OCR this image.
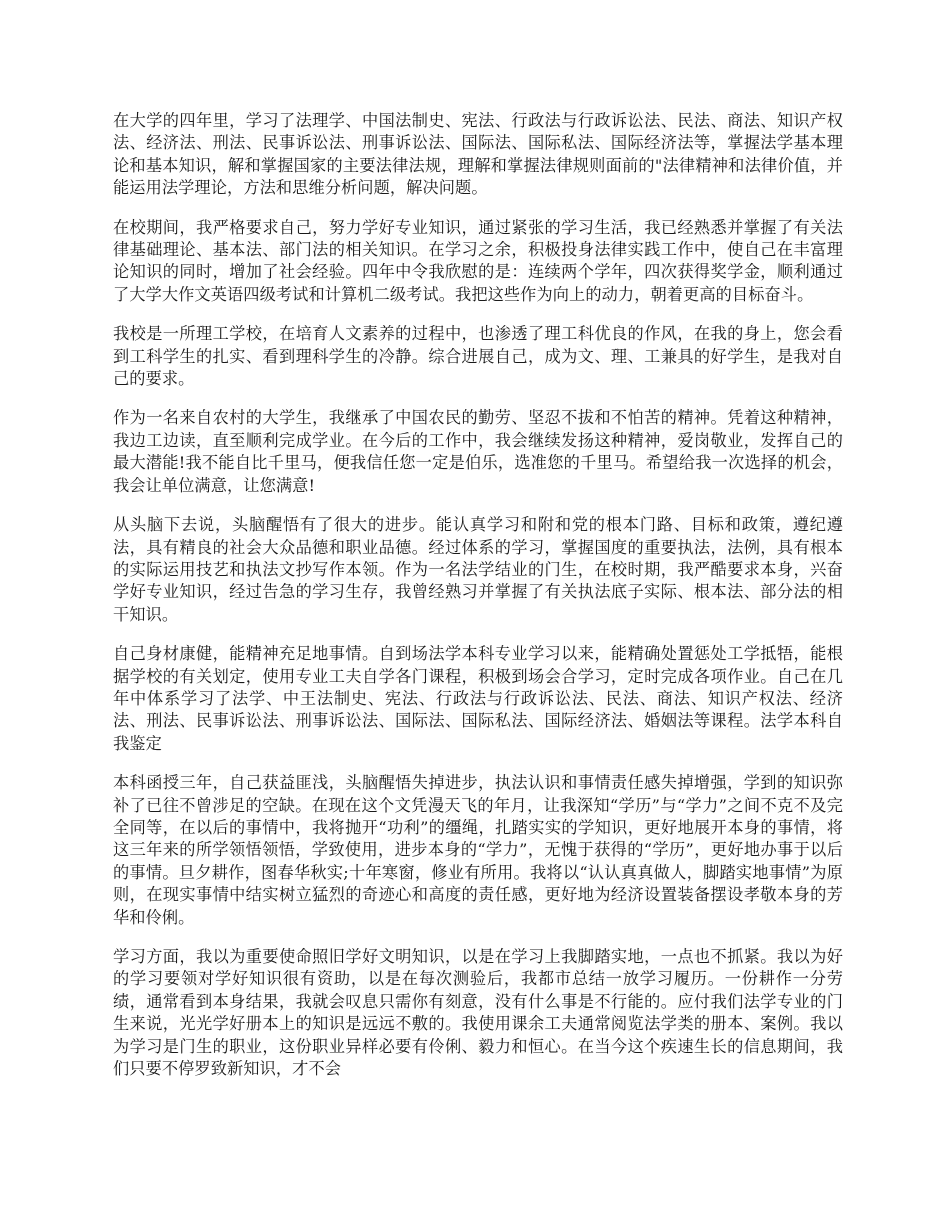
在大学的四年里，学习了法理学、中国法制史、宪法、行政法与行政诉讼法、民法、商法、知识产权法、经济法、刑法、民事诉讼法、刑事诉讼法、国际法、国际私法、国际经济法等，掌握法学基本理论和基本知识，解和掌握国家的主要法律法规，理解和掌握法律规则面前的"法律精神和法律价值，并能运用法学理论，方法和思维分析问题，解决问题。

在校期间，我严格要求自己，努力学好专业知识，通过紧张的学习生活，我已经熟悉并掌握了有关法律基础理论、基本法、部门法的相关知识。在学习之余，积极投身法律实践工作中，使自己在丰富理论知识的同时，增加了社会经验。四年中令我欣慰的是：连续两个学年，四次获得奖学金，顺利通过了大学大作文英语四级考试和计算机二级考试。我把这些作为向上的动力，朝着更高的目标奋斗。

我校是一所理工学校，在培育人文素养的过程中，也渗透了理工科优良的作风，在我的身上，您会看到工科学生的扎实、看到理科学生的冷静。综合进展自己，成为文、理、工兼具的好学生，是我对自己的要求。

作为一名来自农村的大学生，我继承了中国农民的勤劳、坚忍不拔和不怕苦的精神。凭着这种精神，我边工边读，直至顺利完成学业。在今后的工作中，我会继续发扬这种精神，爱岗敬业，发挥自己的最大潜能!我不能自比千里马，便我信任您一定是伯乐，选准您的千里马。希望给我一次选择的机会，我会让单位满意，让您满意!

从头脑下去说，头脑醒悟有了很大的进步。能认真学习和附和党的根本门路、目标和政策，遵纪遵法，具有精良的社会大众品德和职业品德。经过体系的学习，掌握国度的重要执法，法例，具有根本的实际运用技艺和执法文抄写作本领。作为一名法学结业的门生，在校时期，我严酷要求本身，兴奋学好专业知识，经过告急的学习生存，我曾经熟习并掌握了有关执法底子实际、根本法、部分法的相干知识。

自己身材康健，能精神充足地事情。自到场法学本科专业学习以来，能精确处置惩处工学抵牾，能根据学校的有关划定，使用专业工夫自学各门课程，积极到场会合学习，定时完成各项作业。自己在几年中体系学习了法学、中王法制史、宪法、行政法与行政诉讼法、民法、商法、知识产权法、经济法、刑法、民事诉讼法、刑事诉讼法、国际法、国际私法、国际经济法、婚姻法等课程。法学本科自我鉴定

本科函授三年，自己获益匪浅，头脑醒悟失掉进步，执法认识和事情责任感失掉增强，学到的知识弥补了已往不曾涉足的空缺。在现在这个文凭漫天飞的年月，让我深知“学历”与“学力”之间不克不及完全同等，在以后的事情中，我将抛开“功利”的缰绳，扎踏实实的学知识，更好地展开本身的事情，将这三年来的所学领悟领悟，学致使用，进步本身的“学力”，无愧于获得的“学历”，更好地办事于以后的事情。旦夕耕作，图春华秋实;十年寒窗，修业有所用。我将以“认认真真做人，脚踏实地事情”为原则，在现实事情中结实树立猛烈的奇迹心和高度的责任感，更好地为经济设置装备摆设孝敬本身的芳华和伶俐。

学习方面，我以为重要使命照旧学好文明知识，以是在学习上我脚踏实地，一点也不抓紧。我以为好的学习要领对学好知识很有资助，以是在每次测验后，我都市总结一放学习履历。一份耕作一分劳绩，通常看到本身结果，我就会叹息只需你有刻意，没有什么事是不行能的。应付我们法学专业的门生来说，光光学好册本上的知识是远远不敷的。我使用课余工夫通常阅览法学类的册本、案例。我以为学习是门生的职业，这份职业异样必要有伶俐、毅力和恒心。在当今这个疾速生长的信息期间，我们只要不停罗致新知识，才不会
